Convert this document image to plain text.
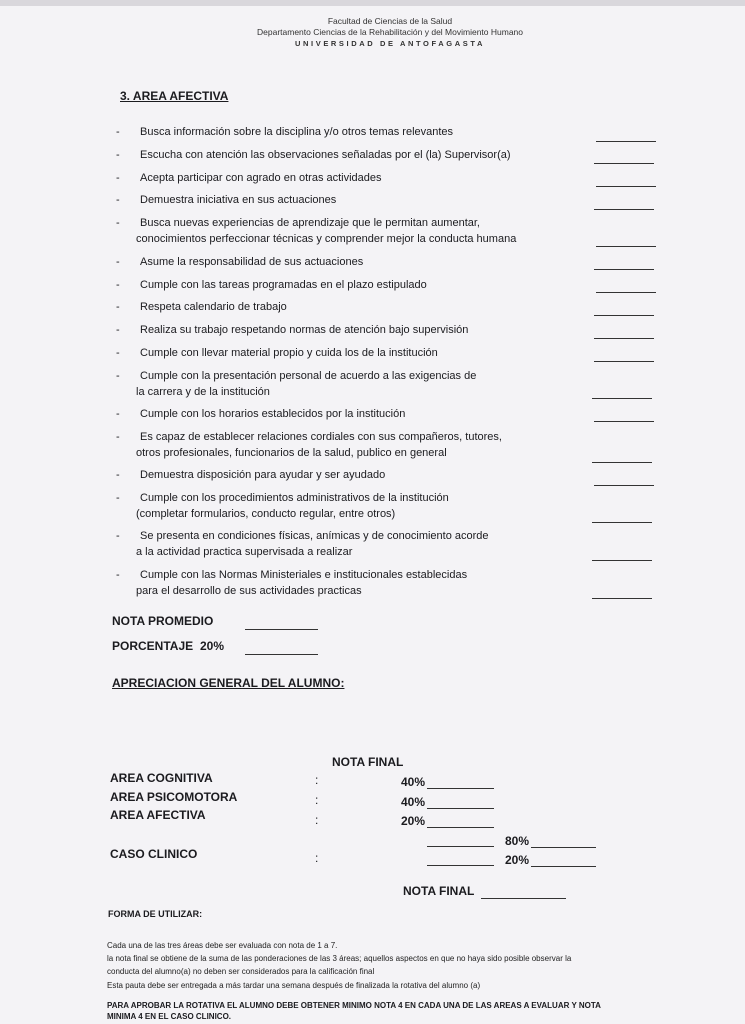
Facultad de Ciencias de la Salud
Departamento Ciencias de la Rehabilitación y del Movimiento Humano
UNIVERSIDAD DE ANTOFAGASTA
3. AREA AFECTIVA
- Busca información sobre la disciplina y/o otros temas relevantes
- Escucha con atención las observaciones señaladas por el (la) Supervisor(a)
- Acepta participar con agrado en otras actividades
- Demuestra iniciativa en sus actuaciones
- Busca nuevas experiencias de aprendizaje que le permitan aumentar,
conocimientos perfeccionar técnicas y comprender mejor la conducta humana
- Asume la responsabilidad de sus actuaciones
- Cumple con las tareas programadas en el plazo estipulado
- Respeta calendario de trabajo
- Realiza su trabajo respetando normas de atención bajo supervisión
- Cumple con llevar material propio y cuida los de la institución
- Cumple con la presentación personal de acuerdo a las exigencias de
la carrera y de la institución
- Cumple con los horarios establecidos por la institución
- Es capaz de establecer relaciones cordiales con sus compañeros, tutores,
otros profesionales, funcionarios de la salud, publico en general
- Demuestra disposición para ayudar y ser ayudado
- Cumple con los procedimientos administrativos de la institución
(completar formularios, conducto regular, entre otros)
- Se presenta en condiciones físicas, anímicas y de conocimiento acorde
a la actividad practica supervisada a realizar
- Cumple con las Normas Ministeriales e institucionales establecidas
para el desarrollo de sus actividades practicas
NOTA PROMEDIO
PORCENTAJE 20%
APRECIACION GENERAL DEL ALUMNO:
NOTA FINAL
AREA COGNITIVA	:	40%
AREA PSICOMOTORA	:	40%
AREA AFECTIVA	:	20%
80%
CASO CLINICO	:	20%
NOTA FINAL
FORMA DE UTILIZAR:
Cada una de las tres áreas debe ser evaluada con nota de 1 a 7.
la nota final se obtiene de la suma de las ponderaciones de las 3 áreas; aquellos aspectos en que no haya sido posible observar la
conducta del alumno(a) no deben ser considerados para la calificación final
Esta pauta debe ser entregada a más tardar una semana después de finalizada la rotativa del alumno (a)
PARA APROBAR LA ROTATIVA EL ALUMNO DEBE OBTENER MINIMO NOTA 4 EN CADA UNA DE LAS AREAS A EVALUAR Y NOTA
MINIMA 4 EN EL CASO CLINICO.
